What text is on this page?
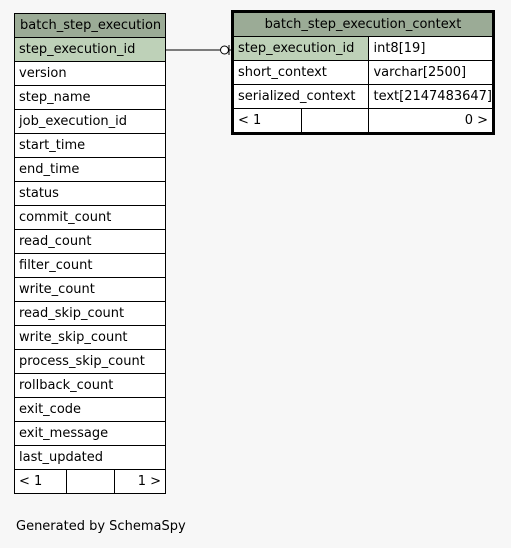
batch_step_execution
step_execution_id
version
step_name
job_execution_id
start_time
end_time
status
commit_count
read_count
filter_count
write_count
read_skip_count
write_skip_count
process_skip_count
rollback_count
exit_code
exit_message
last_updated
< 1		1 >
batch_step_execution_context		
step_execution_id		int8[19]
short_context		varchar[2500]
serialized_context		text[2147483647]
< 1		0 >
Generated by SchemaSpy
